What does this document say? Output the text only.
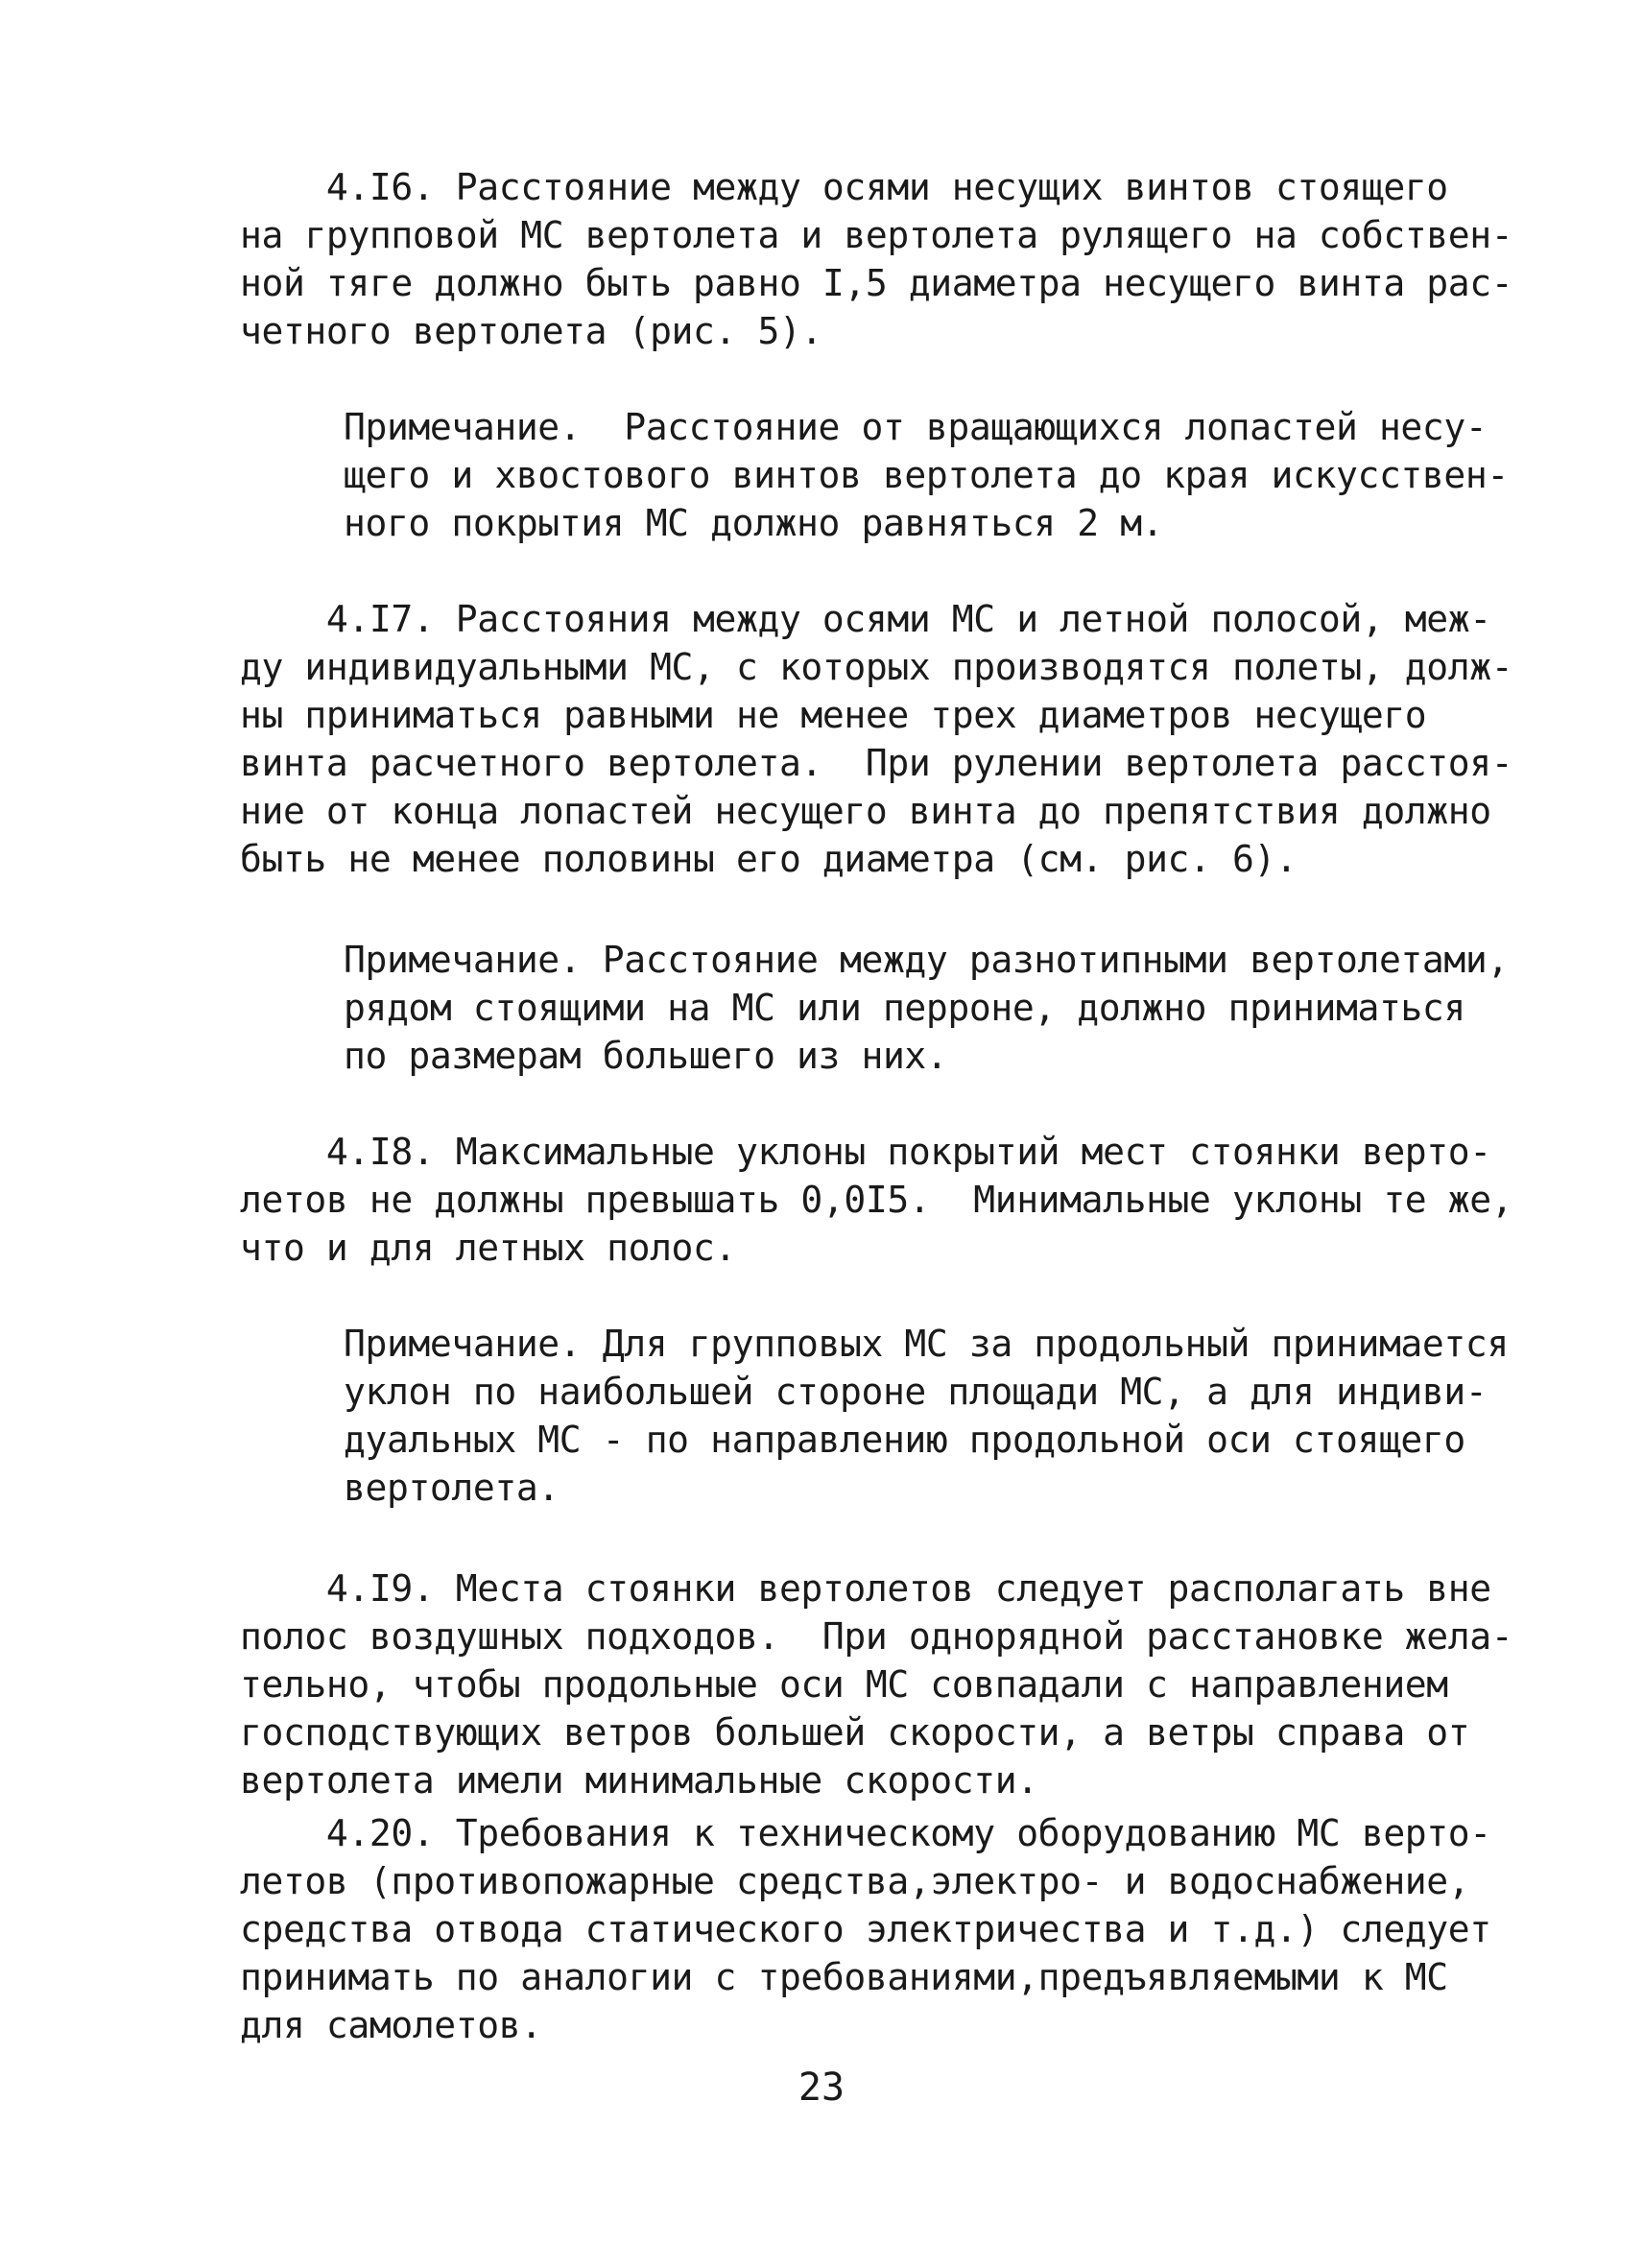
4.I6. Расстояние между осями несущих винтов стоящего
на групповой МС вертолета и вертолета рулящего на собствен-
ной тяге должно быть равно I,5 диаметра несущего винта рас-
четного вертолета (рис. 5).
Примечание.  Расстояние от вращающихся лопастей несу-
щего и хвостового винтов вертолета до края искусствен-
ного покрытия МС должно равняться 2 м.
4.I7. Расстояния между осями МС и летной полосой, меж-
ду индивидуальными МС, с которых производятся полеты, долж-
ны приниматься равными не менее трех диаметров несущего
винта расчетного вертолета.  При рулении вертолета расстоя-
ние от конца лопастей несущего винта до препятствия должно
быть не менее половины его диаметра (см. рис. 6).
Примечание. Расстояние между разнотипными вертолетами,
рядом стоящими на МС или перроне, должно приниматься
по размерам большего из них.
4.I8. Максимальные уклоны покрытий мест стоянки верто-
летов не должны превышать 0,0I5.  Минимальные уклоны те же,
что и для летных полос.
Примечание. Для групповых МС за продольный принимается
уклон по наибольшей стороне площади МС, а для индиви-
дуальных МС - по направлению продольной оси стоящего
вертолета.
4.I9. Места стоянки вертолетов следует располагать вне
полос воздушных подходов.  При однорядной расстановке жела-
тельно, чтобы продольные оси МС совпадали с направлением
господствующих ветров большей скорости, а ветры справа от
вертолета имели минимальные скорости.
4.20. Требования к техническому оборудованию МС верто-
летов (противопожарные средства,электро- и водоснабжение,
средства отвода статического электричества и т.д.) следует
принимать по аналогии с требованиями,предъявляемыми к МС
для самолетов.
23
